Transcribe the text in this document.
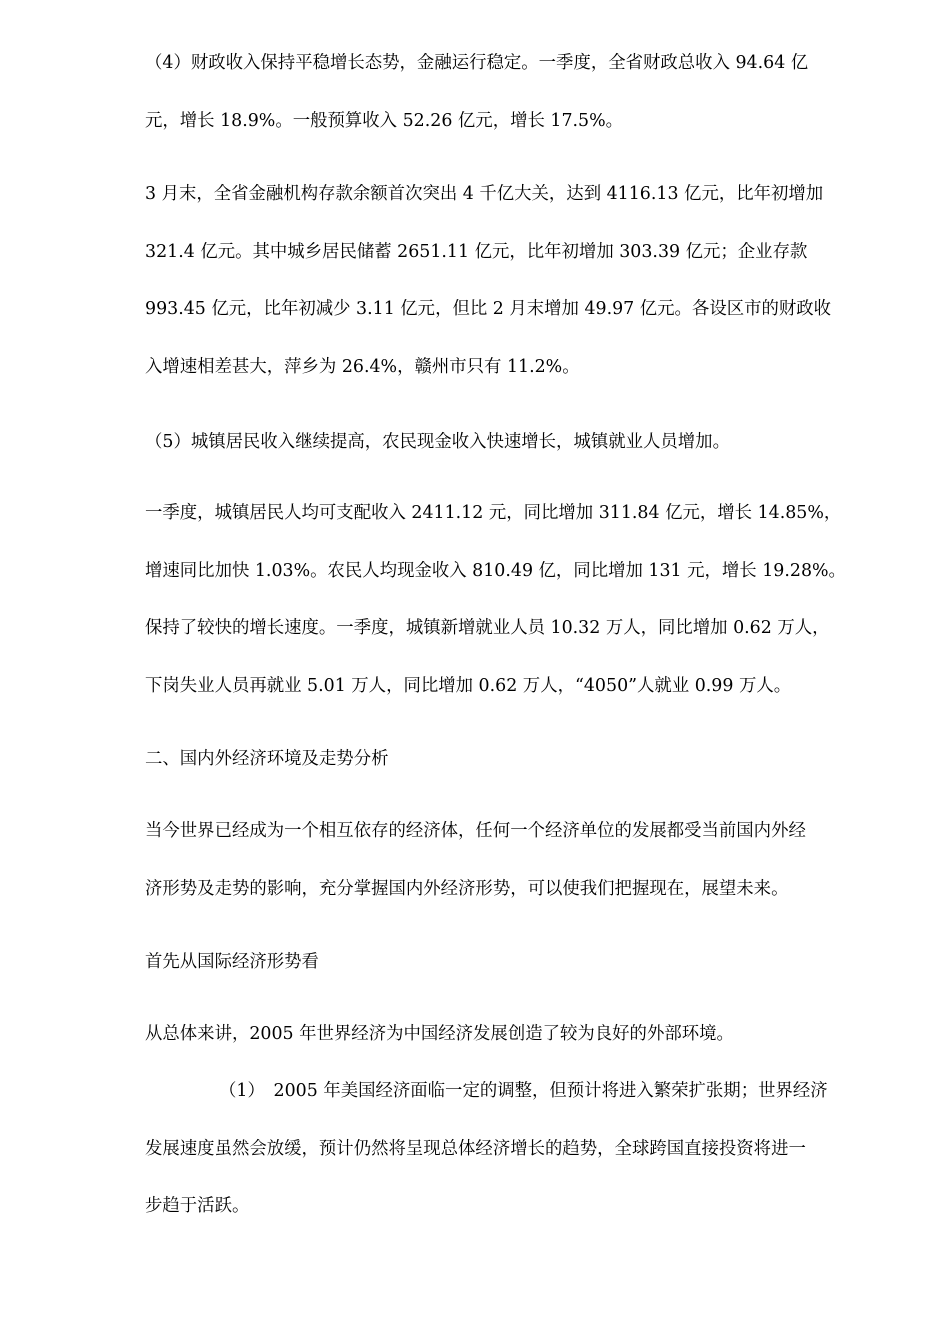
（4）财政收入保持平稳增长态势，金融运行稳定。一季度，全省财政总收入 94.64 亿
元，增长 18.9%。一般预算收入 52.26 亿元，增长 17.5%。
3 月末，全省金融机构存款余额首次突出 4 千亿大关，达到 4116.13 亿元，比年初增加
321.4 亿元。其中城乡居民储蓄 2651.11 亿元，比年初增加 303.39 亿元；企业存款
993.45 亿元，比年初减少 3.11 亿元，但比 2 月末增加 49.97 亿元。各设区市的财政收
入增速相差甚大，萍乡为 26.4%，赣州市只有 11.2%。
（5）城镇居民收入继续提高，农民现金收入快速增长，城镇就业人员增加。
一季度，城镇居民人均可支配收入 2411.12 元，同比增加 311.84 亿元，增长 14.85%，
增速同比加快 1.03%。农民人均现金收入 810.49 亿，同比增加 131 元，增长 19.28%。
保持了较快的增长速度。一季度，城镇新增就业人员 10.32 万人，同比增加 0.62 万人，
下岗失业人员再就业 5.01 万人，同比增加 0.62 万人，“4050”人就业 0.99 万人。
二、国内外经济环境及走势分析
当今世界已经成为一个相互依存的经济体，任何一个经济单位的发展都受当前国内外经
济形势及走势的影响，充分掌握国内外经济形势，可以使我们把握现在，展望未来。
首先从国际经济形势看
从总体来讲，2005 年世界经济为中国经济发展创造了较为良好的外部环境。
（1）　2005 年美国经济面临一定的调整，但预计将进入繁荣扩张期；世界经济
发展速度虽然会放缓，预计仍然将呈现总体经济增长的趋势，全球跨国直接投资将进一
步趋于活跃。
